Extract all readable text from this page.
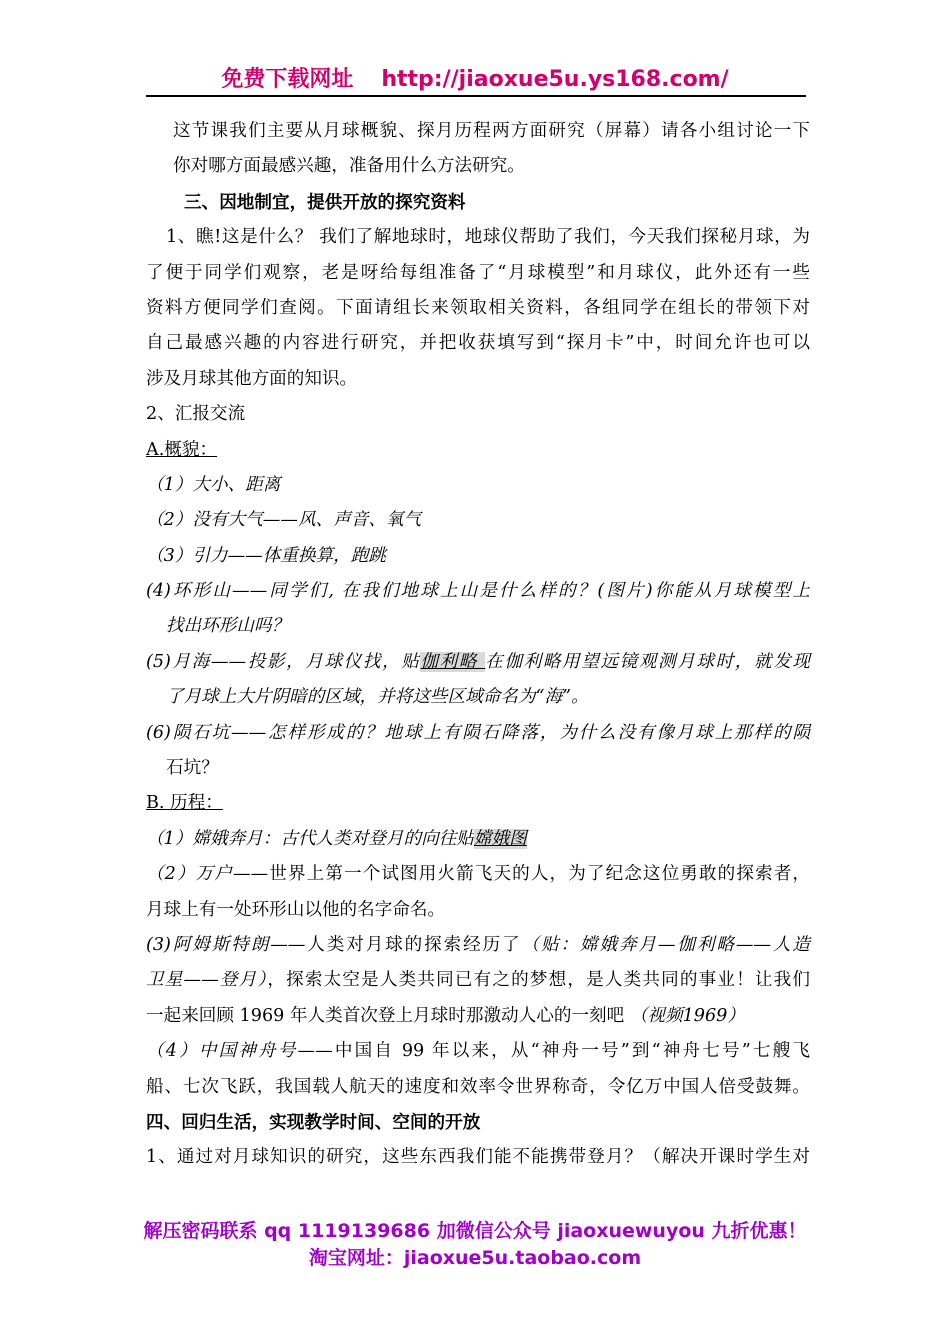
免费下载网址 http://jiaoxue5u.ys168.com/
这节课我们主要从月球概貌、探月历程两方面研究（屏幕）请各小组讨论一下
你对哪方面最感兴趣，准备用什么方法研究。
三、因地制宜，提供开放的探究资料
1、瞧!这是什么？ 我们了解地球时，地球仪帮助了我们，今天我们探秘月球，为
了便于同学们观察，老是呀给每组准备了“月球模型”和月球仪，此外还有一些
资料方便同学们查阅。下面请组长来领取相关资料，各组同学在组长的带领下对
自己最感兴趣的内容进行研究，并把收获填写到“探月卡”中，时间允许也可以
涉及月球其他方面的知识。
2、汇报交流
A.概貌：
（1）大小、距离
（2）没有大气——风、声音、氧气
（3）引力——体重换算，跑跳
(4)环形山——同学们, 在我们地球上山是什么样的？(图片)你能从月球模型上
找出环形山吗？
(5)月海——投影，月球仪找，贴伽利略 在伽利略用望远镜观测月球时，就发现
了月球上大片阴暗的区域，并将这些区域命名为“海”。
(6)陨石坑——怎样形成的？地球上有陨石降落，为什么没有像月球上那样的陨
石坑？
B. 历程：
（1）嫦娥奔月：古代人类对登月的向往贴嫦娥图
（2）万户——世界上第一个试图用火箭飞天的人，为了纪念这位勇敢的探索者，
月球上有一处环形山以他的名字命名。
(3)阿姆斯特朗——人类对月球的探索经历了（贴：嫦娥奔月—伽利略——人造
卫星——登月），探索太空是人类共同已有之的梦想，是人类共同的事业！让我们
一起来回顾 1969 年人类首次登上月球时那激动人心的一刻吧 （视频1969）
（4）中国神舟号——中国自 99 年以来，从“神舟一号”到“神舟七号”七艘飞
船、七次飞跃，我国载人航天的速度和效率令世界称奇，令亿万中国人倍受鼓舞。
四、回归生活，实现教学时间、空间的开放
1、通过对月球知识的研究，这些东西我们能不能携带登月？（解决开课时学生对
解压密码联系 qq 1119139686 加微信公众号 jiaoxuewuyou 九折优惠！
淘宝网址：jiaoxue5u.taobao.com
